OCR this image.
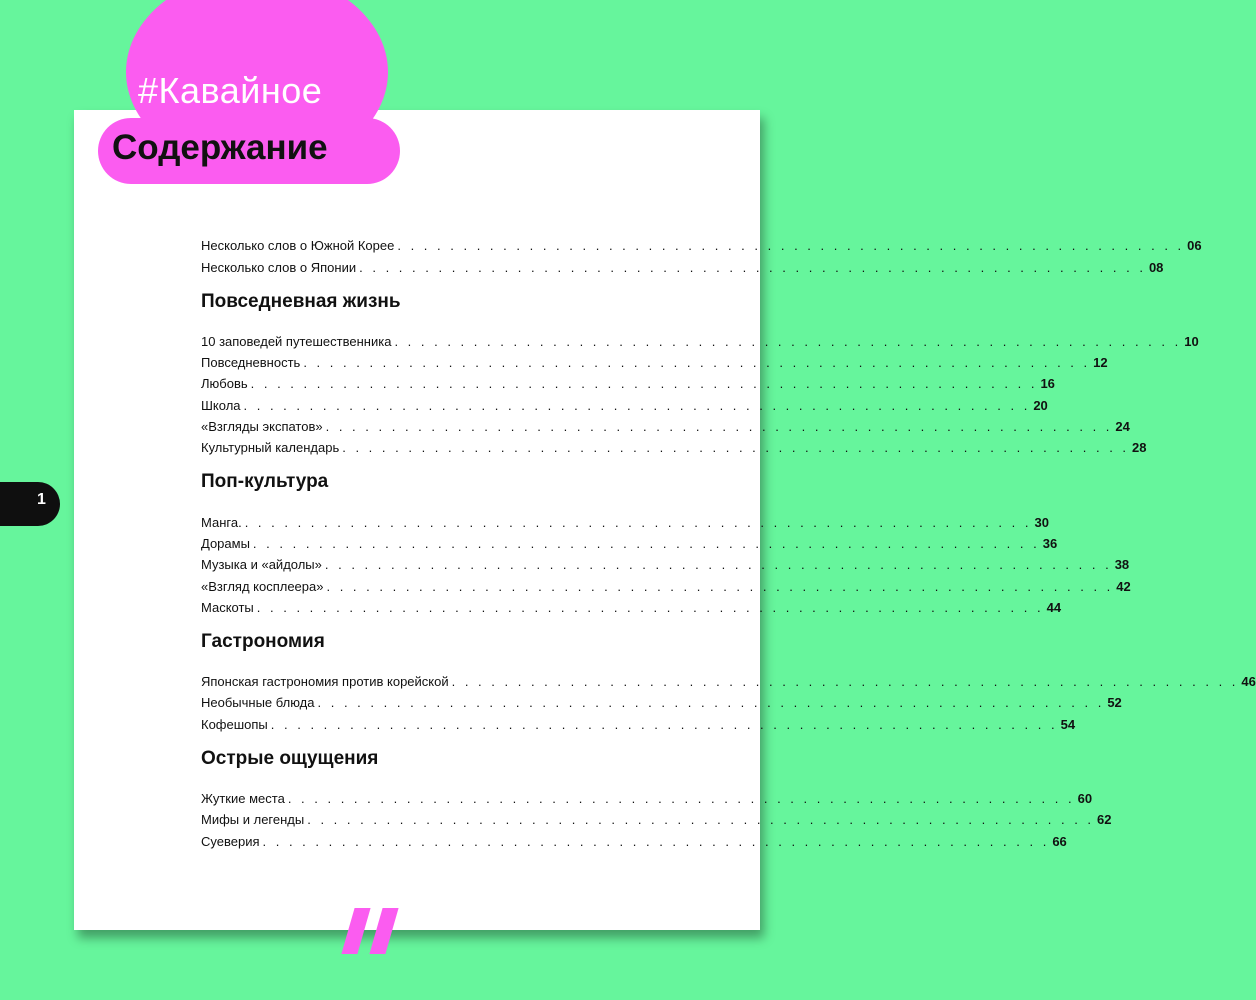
#Кавайное
Содержание
1
Несколько слов о Южной Корее . . . . . . . . . . . . . . . . . . . . . . . . . . . . . . . . . . . . . . . . . . . . . . . . . . . . . . . . . . . . 06
Несколько слов о Японии . . . . . . . . . . . . . . . . . . . . . . . . . . . . . . . . . . . . . . . . . . . . . . . . . . . . . . . . . . . . 08
Повседневная жизнь
10 заповедей путешественника . . . . . . . . . . . . . . . . . . . . . . . . . . . . . . . . . . . . . . . . . . . . . . . . . . . . . . . . . . . . 10
Повседневность . . . . . . . . . . . . . . . . . . . . . . . . . . . . . . . . . . . . . . . . . . . . . . . . . . . . . . . . . . . . 12
Любовь . . . . . . . . . . . . . . . . . . . . . . . . . . . . . . . . . . . . . . . . . . . . . . . . . . . . . . . . . . . . 16
Школа . . . . . . . . . . . . . . . . . . . . . . . . . . . . . . . . . . . . . . . . . . . . . . . . . . . . . . . . . . . . 20
«Взгляды экспатов» . . . . . . . . . . . . . . . . . . . . . . . . . . . . . . . . . . . . . . . . . . . . . . . . . . . . . . . . . . . . 24
Культурный календарь . . . . . . . . . . . . . . . . . . . . . . . . . . . . . . . . . . . . . . . . . . . . . . . . . . . . . . . . . . . . 28
Поп-культура
Манга. . . . . . . . . . . . . . . . . . . . . . . . . . . . . . . . . . . . . . . . . . . . . . . . . . . . . . . . . . . . . 30
Дорамы . . . . . . . . . . . . . . . . . . . . . . . . . . . . . . . . . . . . . . . . . . . . . . . . . . . . . . . . . . . . 36
Музыка и «айдолы» . . . . . . . . . . . . . . . . . . . . . . . . . . . . . . . . . . . . . . . . . . . . . . . . . . . . . . . . . . . . 38
«Взгляд косплеера» . . . . . . . . . . . . . . . . . . . . . . . . . . . . . . . . . . . . . . . . . . . . . . . . . . . . . . . . . . . . 42
Маскоты . . . . . . . . . . . . . . . . . . . . . . . . . . . . . . . . . . . . . . . . . . . . . . . . . . . . . . . . . . . . 44
Гастрономия
Японская гастрономия против корейской . . . . . . . . . . . . . . . . . . . . . . . . . . . . . . . . . . . . . . . . . . . . . . . . . . . . . . . . . . . . 46
Необычные блюда . . . . . . . . . . . . . . . . . . . . . . . . . . . . . . . . . . . . . . . . . . . . . . . . . . . . . . . . . . . . 52
Кофешопы . . . . . . . . . . . . . . . . . . . . . . . . . . . . . . . . . . . . . . . . . . . . . . . . . . . . . . . . . . . . 54
Острые ощущения
Жуткие места . . . . . . . . . . . . . . . . . . . . . . . . . . . . . . . . . . . . . . . . . . . . . . . . . . . . . . . . . . . . 60
Мифы и легенды . . . . . . . . . . . . . . . . . . . . . . . . . . . . . . . . . . . . . . . . . . . . . . . . . . . . . . . . . . . . 62
Суеверия . . . . . . . . . . . . . . . . . . . . . . . . . . . . . . . . . . . . . . . . . . . . . . . . . . . . . . . . . . . . 66
